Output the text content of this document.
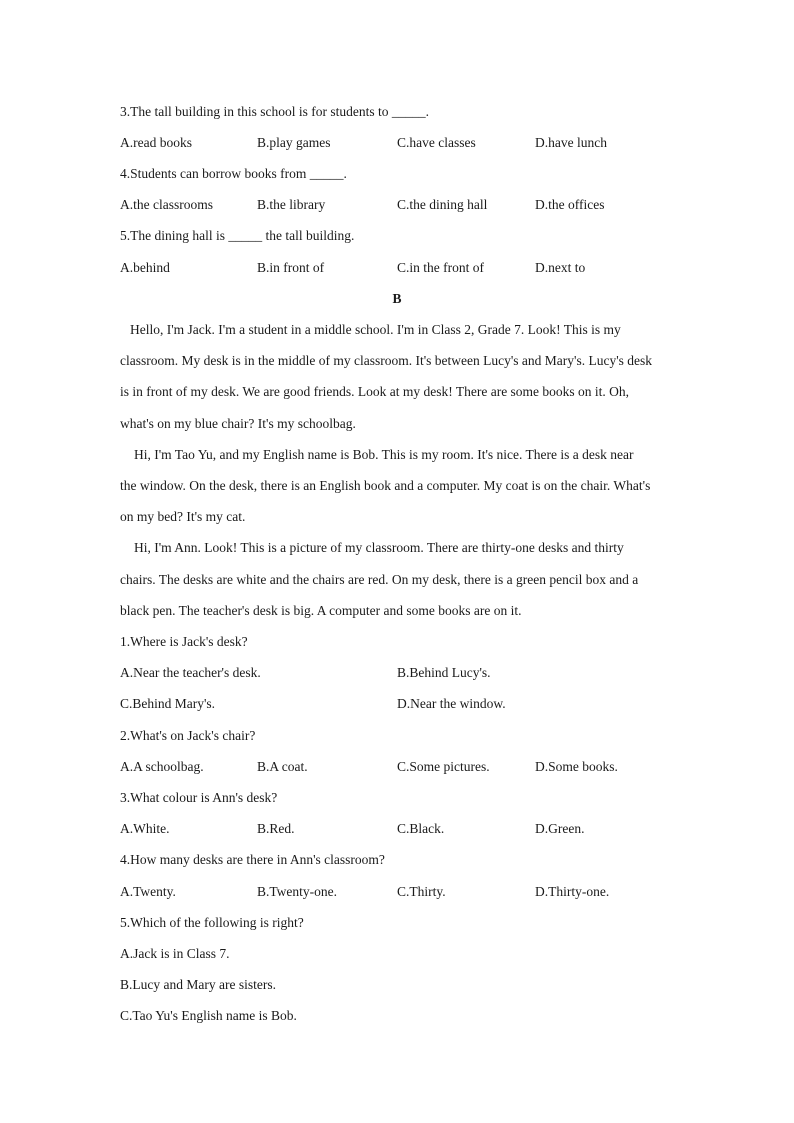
3.The tall building in this school is for students to _____.
A.read books	B.play games	C.have classes	D.have lunch
4.Students can borrow books from _____.
A.the classrooms	B.the library	C.the dining hall	D.the offices
5.The dining hall is _____ the tall building.
A.behind	B.in front of	C.in the front of	D.next to
B
Hello, I'm Jack. I'm a student in a middle school. I'm in Class 2, Grade 7. Look! This is my
classroom. My desk is in the middle of my classroom. It's between Lucy's and Mary's. Lucy's desk
is in front of my desk. We are good friends. Look at my desk! There are some books on it. Oh,
what's on my blue chair? It's my schoolbag.
Hi, I'm Tao Yu, and my English name is Bob. This is my room. It's nice. There is a desk near
the window. On the desk, there is an English book and a computer. My coat is on the chair. What's
on my bed? It's my cat.
Hi, I'm Ann. Look! This is a picture of my classroom. There are thirty-one desks and thirty
chairs. The desks are white and the chairs are red. On my desk, there is a green pencil box and a
black pen. The teacher's desk is big. A computer and some books are on it.
1.Where is Jack's desk?
A.Near the teacher's desk.	B.Behind Lucy's.
C.Behind Mary's.	D.Near the window.
2.What's on Jack's chair?
A.A schoolbag.	B.A coat.	C.Some pictures.	D.Some books.
3.What colour is Ann's desk?
A.White.	B.Red.	C.Black.	D.Green.
4.How many desks are there in Ann's classroom?
A.Twenty.	B.Twenty-one.	C.Thirty.	D.Thirty-one.
5.Which of the following is right?
A.Jack is in Class 7.
B.Lucy and Mary are sisters.
C.Tao Yu's English name is Bob.
